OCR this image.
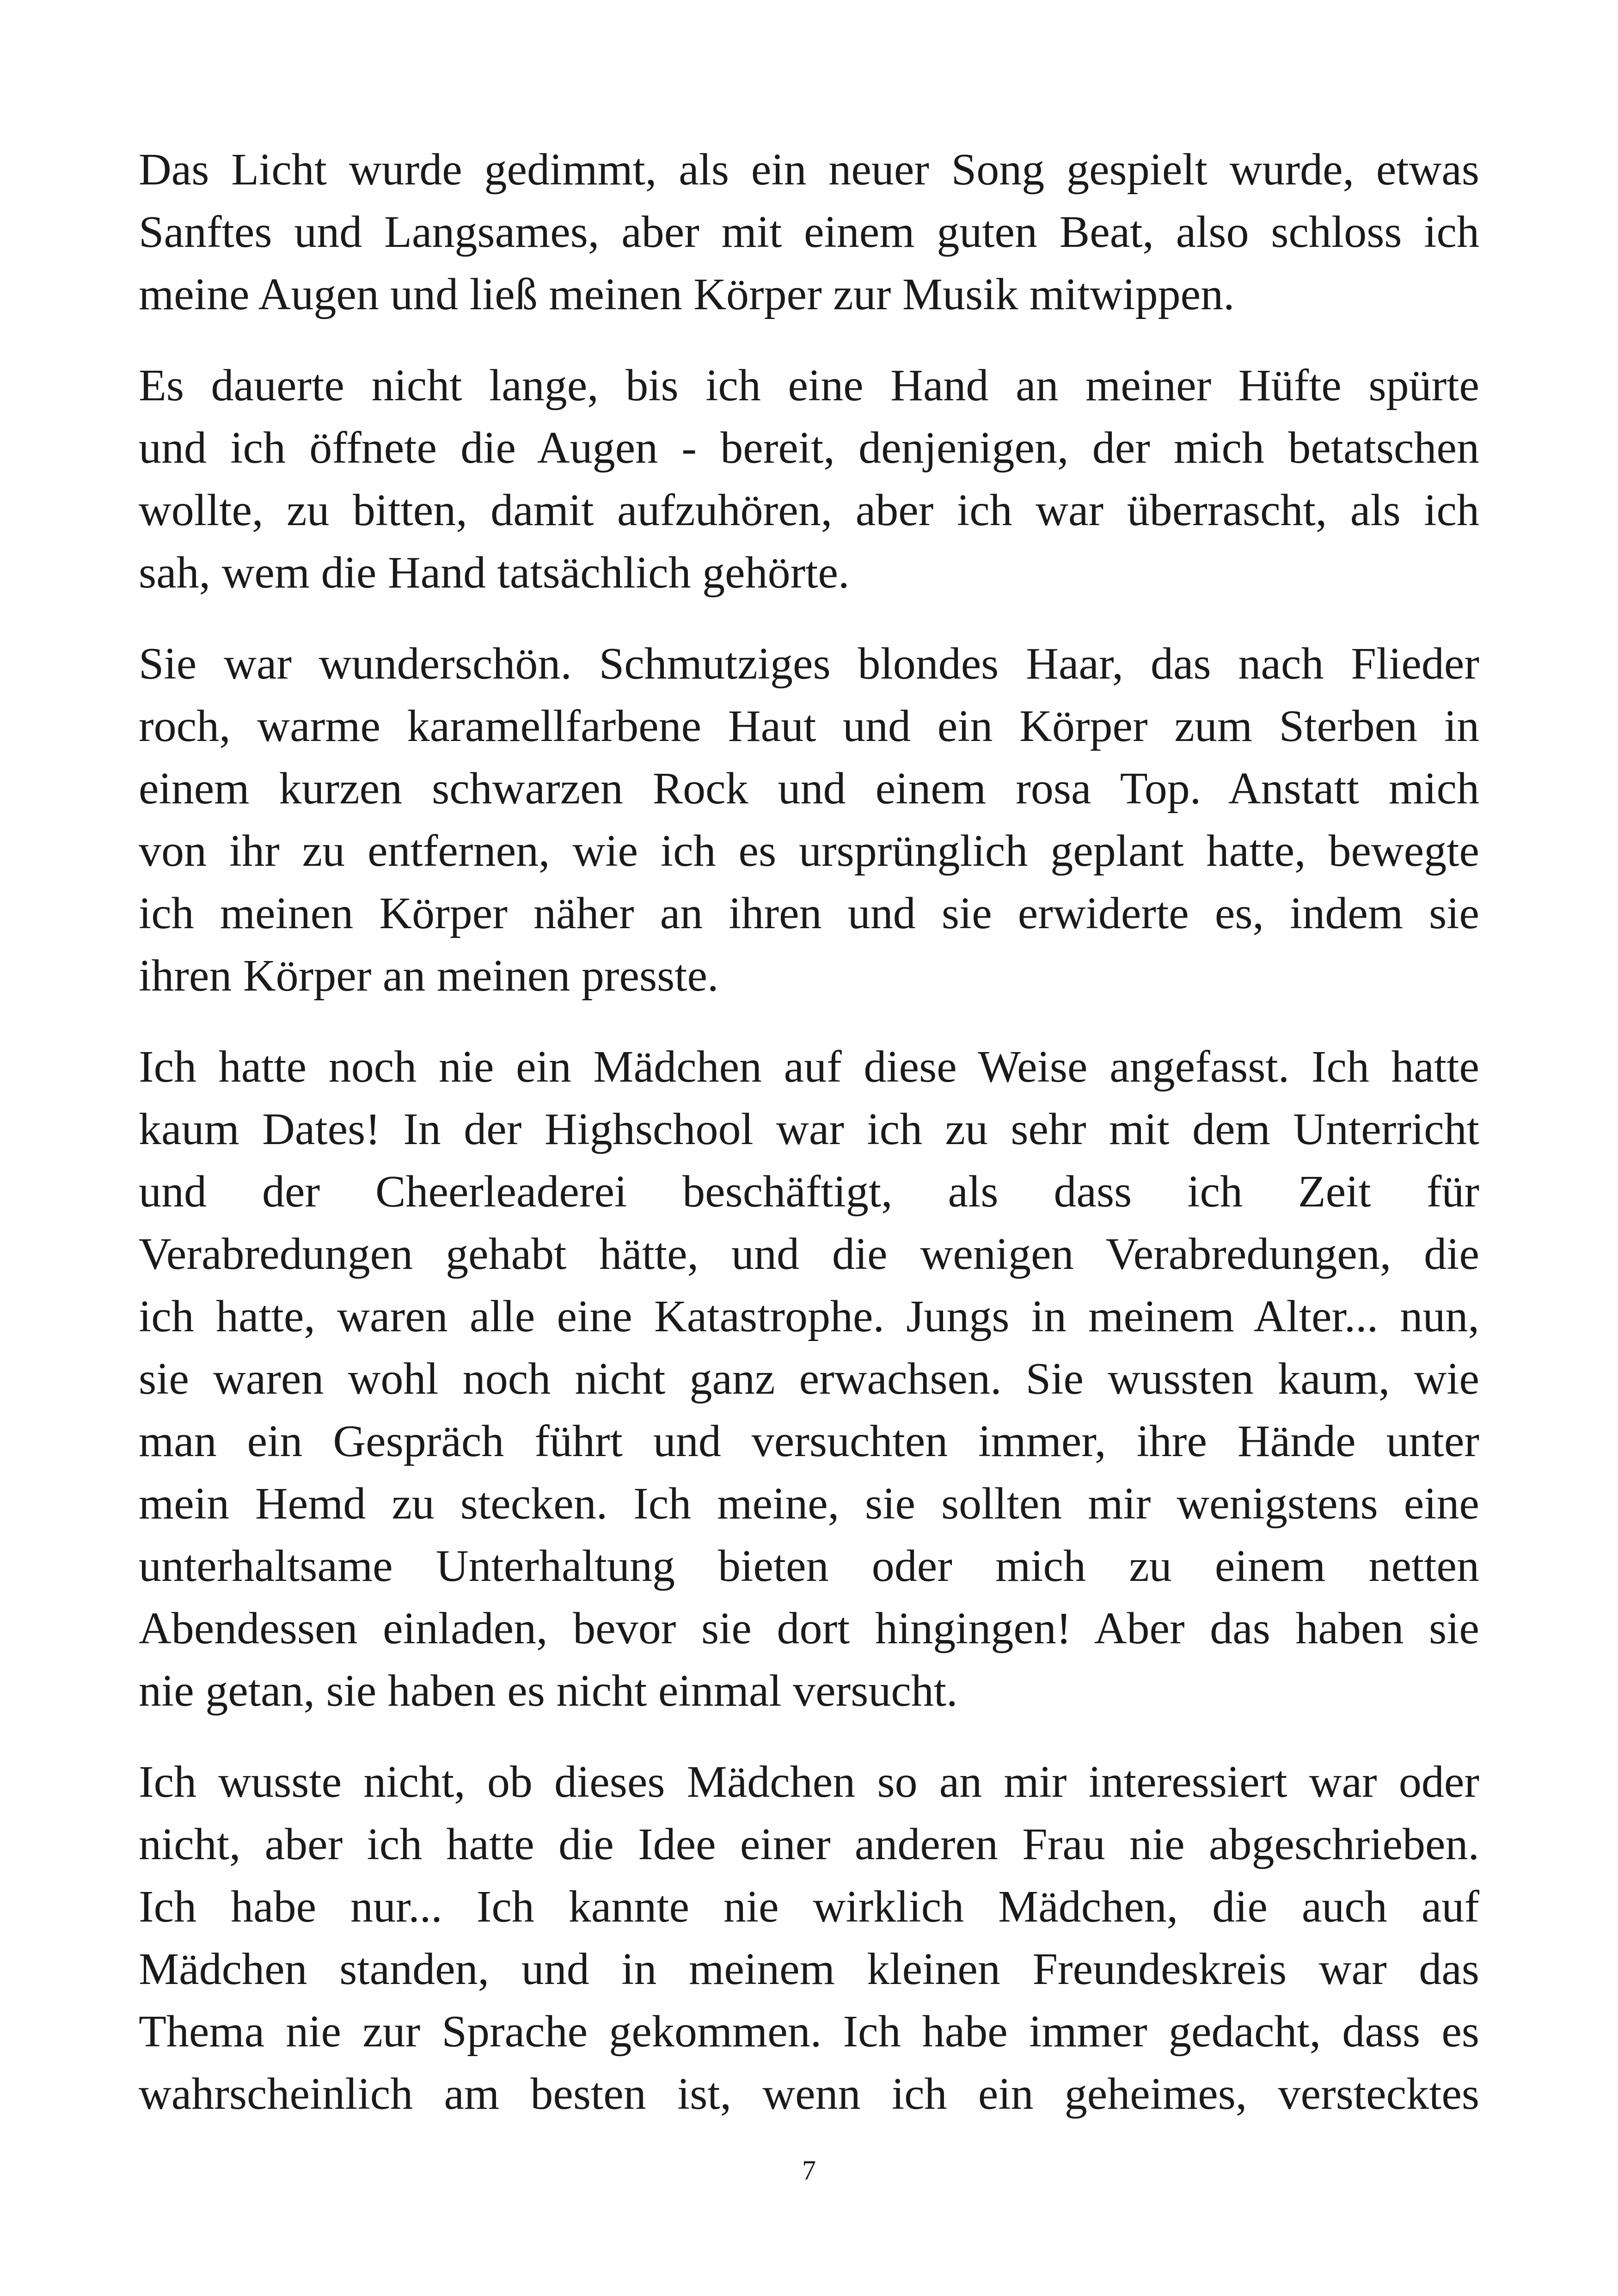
Das Licht wurde gedimmt, als ein neuer Song gespielt wurde, etwas
Sanftes und Langsames, aber mit einem guten Beat, also schloss ich
meine Augen und ließ meinen Körper zur Musik mitwippen.
Es dauerte nicht lange, bis ich eine Hand an meiner Hüfte spürte
und ich öffnete die Augen - bereit, denjenigen, der mich betatschen
wollte, zu bitten, damit aufzuhören, aber ich war überrascht, als ich
sah, wem die Hand tatsächlich gehörte.
Sie war wunderschön. Schmutziges blondes Haar, das nach Flieder
roch, warme karamellfarbene Haut und ein Körper zum Sterben in
einem kurzen schwarzen Rock und einem rosa Top. Anstatt mich
von ihr zu entfernen, wie ich es ursprünglich geplant hatte, bewegte
ich meinen Körper näher an ihren und sie erwiderte es, indem sie
ihren Körper an meinen presste.
Ich hatte noch nie ein Mädchen auf diese Weise angefasst. Ich hatte
kaum Dates! In der Highschool war ich zu sehr mit dem Unterricht
und der Cheerleaderei beschäftigt, als dass ich Zeit für
Verabredungen gehabt hätte, und die wenigen Verabredungen, die
ich hatte, waren alle eine Katastrophe. Jungs in meinem Alter... nun,
sie waren wohl noch nicht ganz erwachsen. Sie wussten kaum, wie
man ein Gespräch führt und versuchten immer, ihre Hände unter
mein Hemd zu stecken. Ich meine, sie sollten mir wenigstens eine
unterhaltsame Unterhaltung bieten oder mich zu einem netten
Abendessen einladen, bevor sie dort hingingen! Aber das haben sie
nie getan, sie haben es nicht einmal versucht.
Ich wusste nicht, ob dieses Mädchen so an mir interessiert war oder
nicht, aber ich hatte die Idee einer anderen Frau nie abgeschrieben.
Ich habe nur... Ich kannte nie wirklich Mädchen, die auch auf
Mädchen standen, und in meinem kleinen Freundeskreis war das
Thema nie zur Sprache gekommen. Ich habe immer gedacht, dass es
wahrscheinlich am besten ist, wenn ich ein geheimes, verstecktes
7
